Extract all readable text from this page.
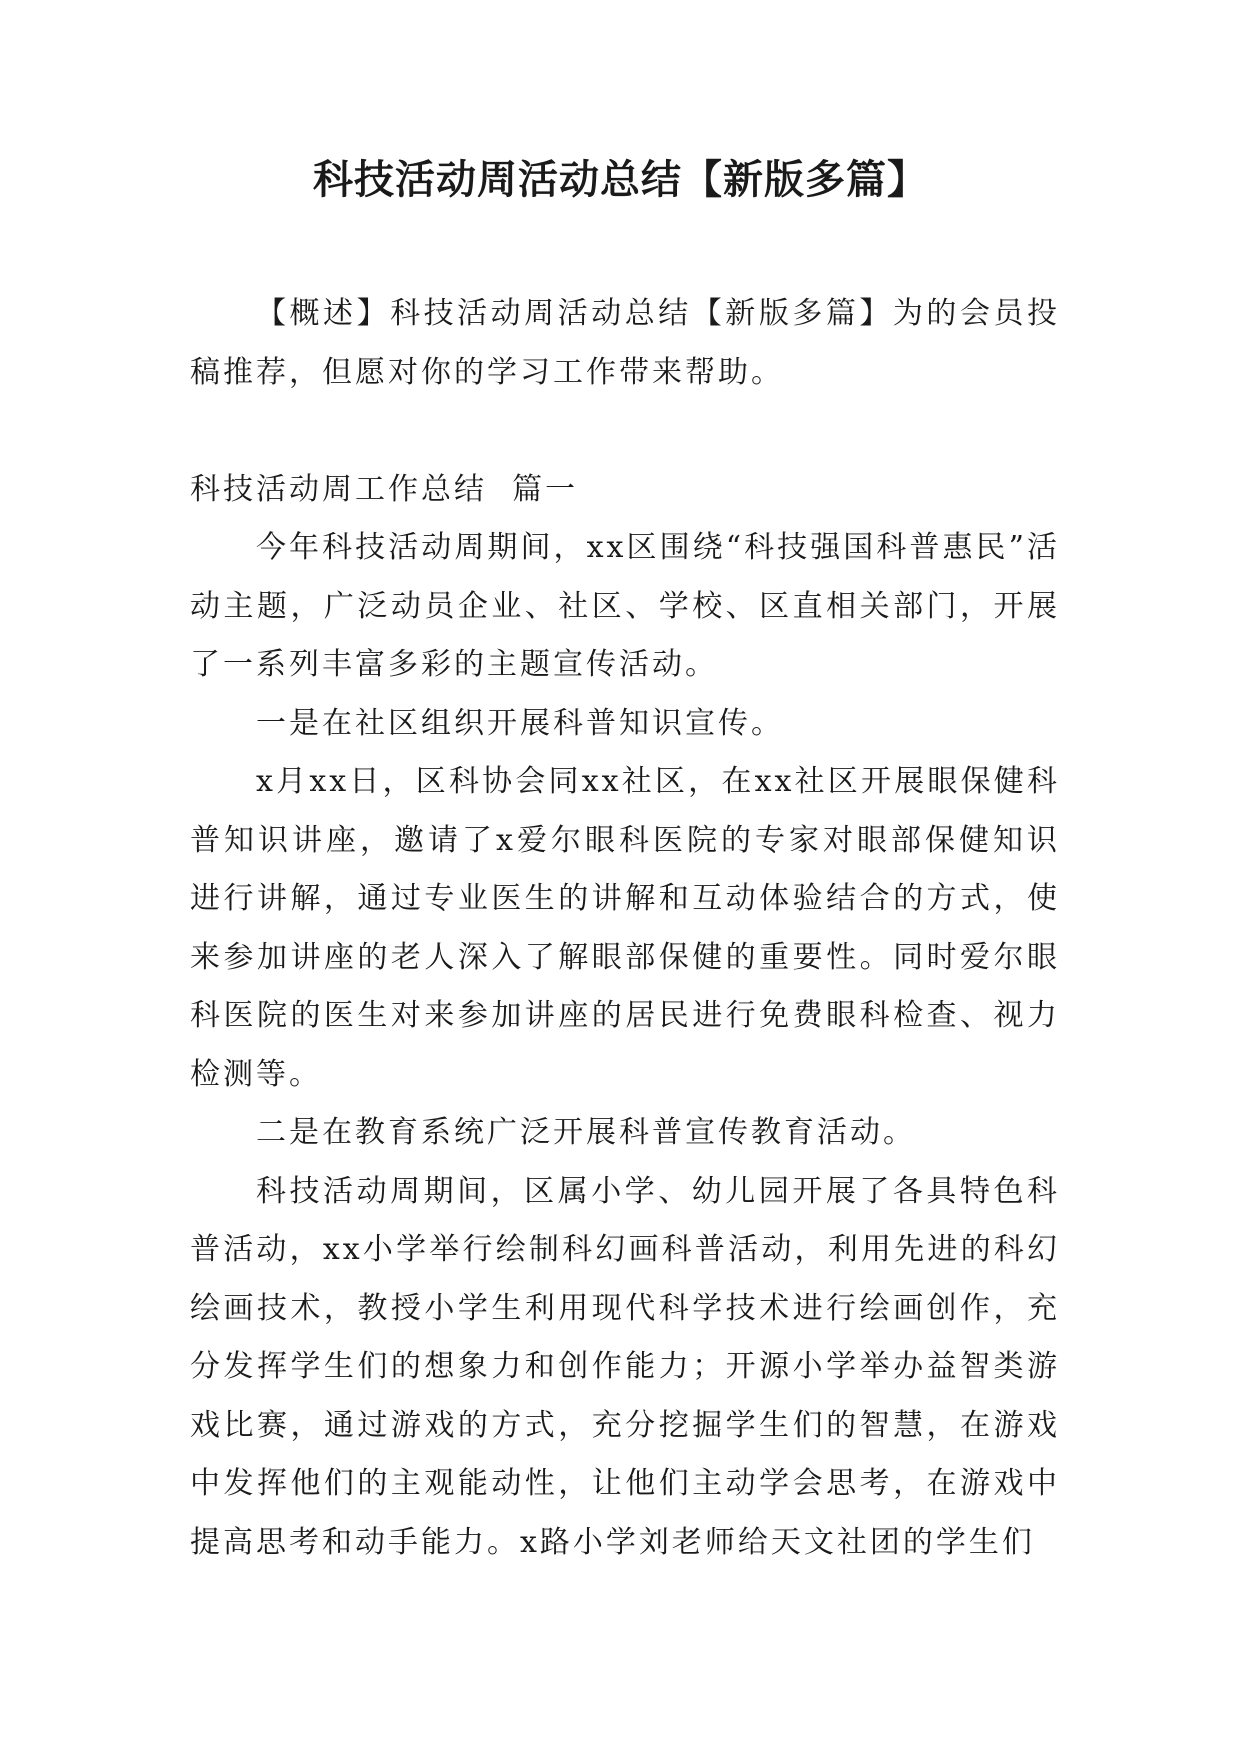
科技活动周活动总结【新版多篇】

【概述】科技活动周活动总结【新版多篇】为的会员投稿推荐，但愿对你的学习工作带来帮助。

科技活动周工作总结  篇一

今年科技活动周期间，xx区围绕“科技强国科普惠民”活动主题，广泛动员企业、社区、学校、区直相关部门，开展了一系列丰富多彩的主题宣传活动。

一是在社区组织开展科普知识宣传。

x月xx日，区科协会同xx社区，在xx社区开展眼保健科普知识讲座，邀请了x爱尔眼科医院的专家对眼部保健知识进行讲解，通过专业医生的讲解和互动体验结合的方式，使来参加讲座的老人深入了解眼部保健的重要性。同时爱尔眼科医院的医生对来参加讲座的居民进行免费眼科检查、视力检测等。

二是在教育系统广泛开展科普宣传教育活动。

科技活动周期间，区属小学、幼儿园开展了各具特色科普活动，xx小学举行绘制科幻画科普活动，利用先进的科幻绘画技术，教授小学生利用现代科学技术进行绘画创作，充分发挥学生们的想象力和创作能力；开源小学举办益智类游戏比赛，通过游戏的方式，充分挖掘学生们的智慧，在游戏中发挥他们的主观能动性，让他们主动学会思考，在游戏中提高思考和动手能力。x路小学刘老师给天文社团的学生们
